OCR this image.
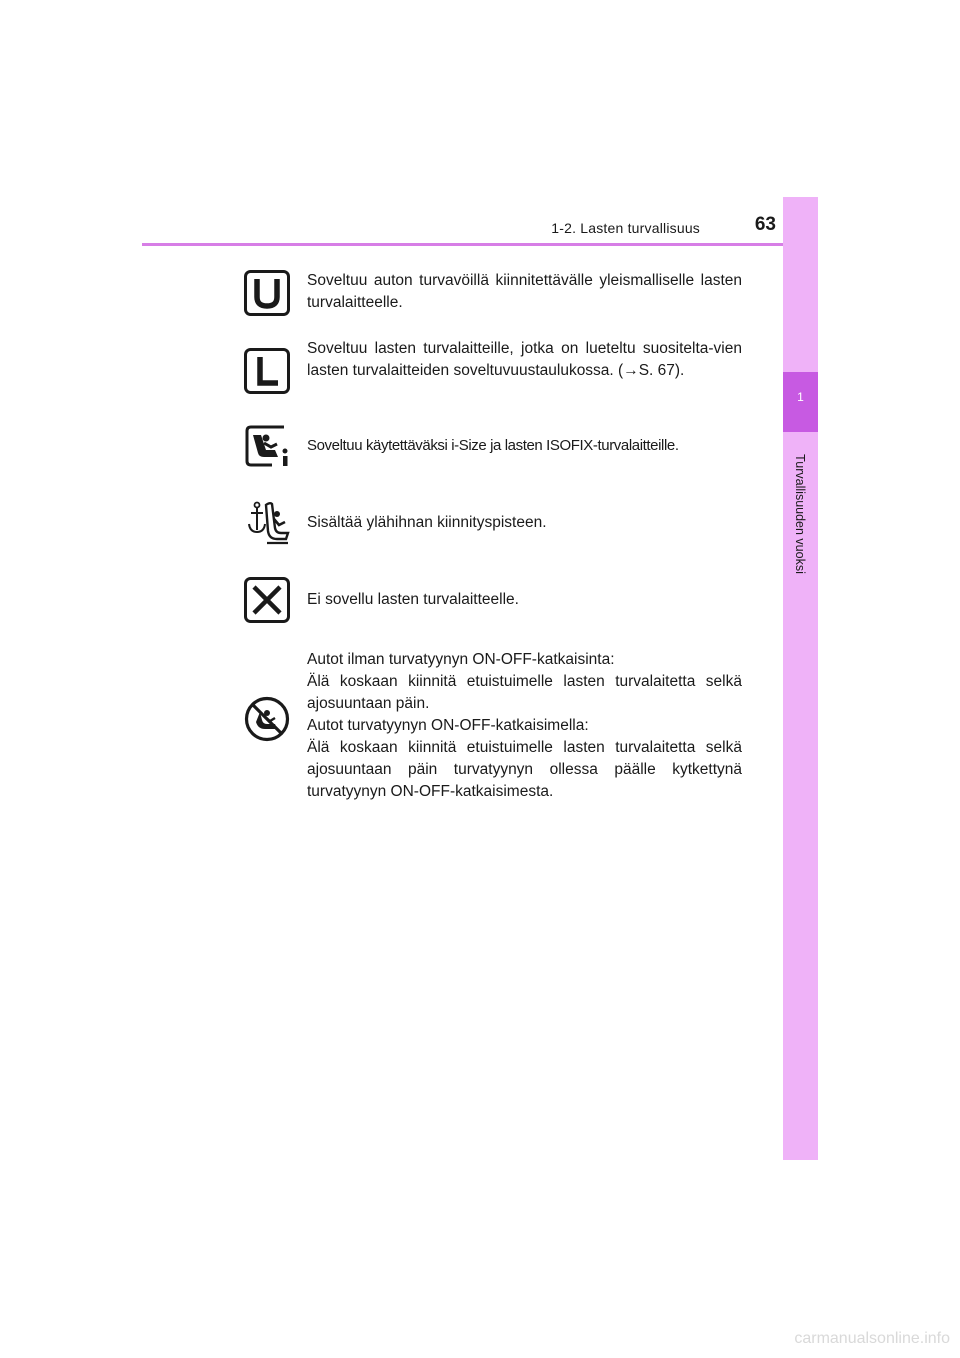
1-2. Lasten turvallisuus	63
1
Turvallisuuden vuoksi
Soveltuu auton turvavöillä kiinnitettävälle yleismalliselle lasten turvalaitteelle.
Soveltuu lasten turvalaitteille, jotka on lueteltu suositelta-vien lasten turvalaitteiden soveltuvuustaulukossa. (→S. 67).
Soveltuu käytettäväksi i-Size ja lasten ISOFIX-turvalaitteille.
Sisältää ylähihnan kiinnityspisteen.
Ei sovellu lasten turvalaitteelle.

Autot ilman turvatyynyn ON-OFF-katkaisinta:

Älä koskaan kiinnitä etuistuimelle lasten turvalaitetta selkä ajosuuntaan päin.

Autot turvatyynyn ON-OFF-katkaisimella:

Älä koskaan kiinnitä etuistuimelle lasten turvalaitetta selkä ajosuuntaan päin turvatyynyn ollessa päälle kytkettynä turvatyynyn ON-OFF-katkaisimesta.

carmanualsonline.info
